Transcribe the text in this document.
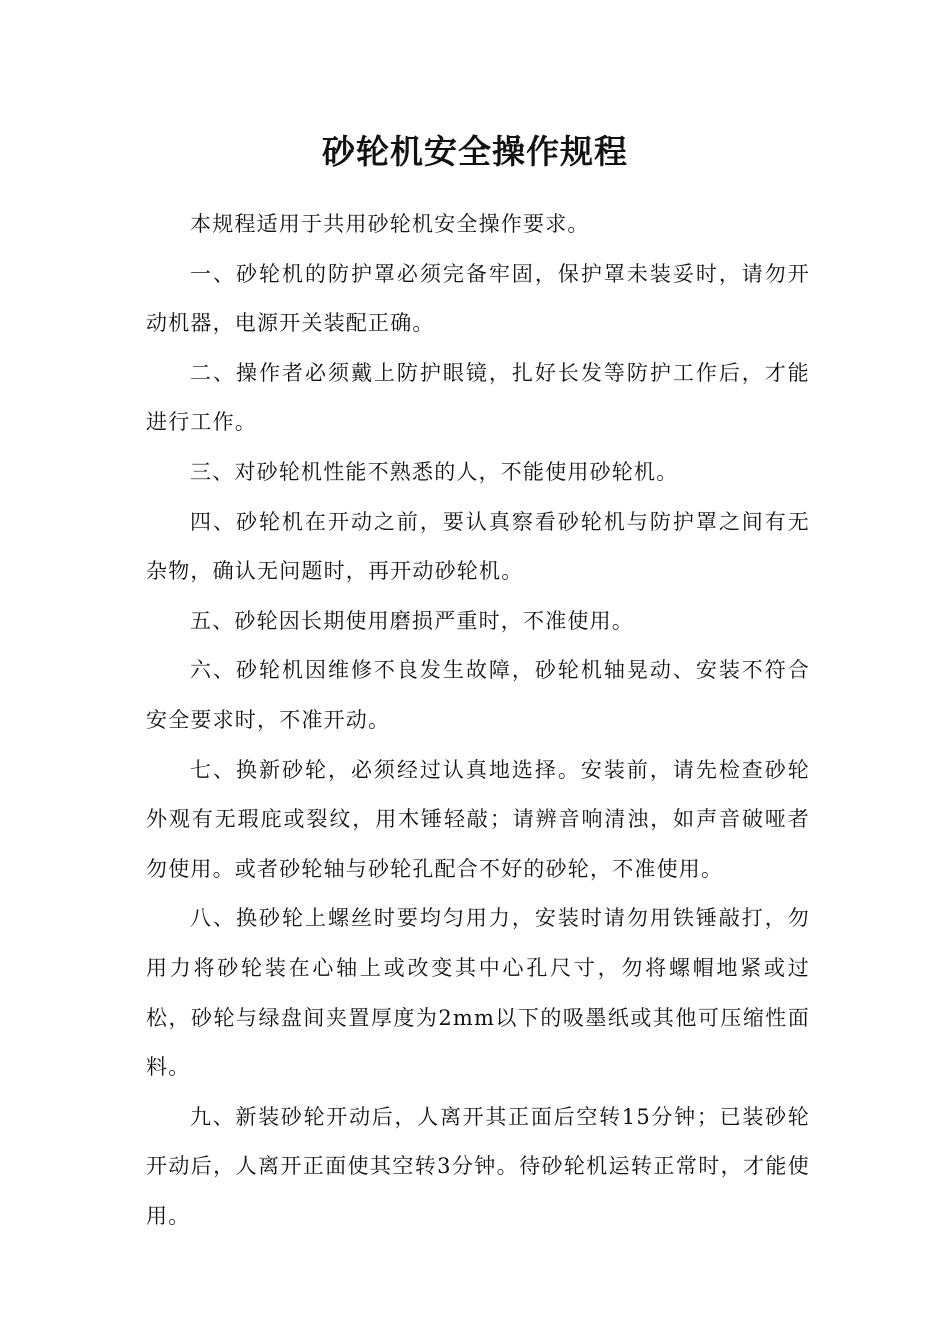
砂轮机安全操作规程

本规程适用于共用砂轮机安全操作要求。

一、砂轮机的防护罩必须完备牢固，保护罩未装妥时，请勿开动机器，电源开关装配正确。

二、操作者必须戴上防护眼镜，扎好长发等防护工作后，才能进行工作。

三、对砂轮机性能不熟悉的人，不能使用砂轮机。

四、砂轮机在开动之前，要认真察看砂轮机与防护罩之间有无杂物，确认无问题时，再开动砂轮机。

五、砂轮因长期使用磨损严重时，不准使用。

六、砂轮机因维修不良发生故障，砂轮机轴晃动、安装不符合安全要求时，不准开动。

七、换新砂轮，必须经过认真地选择。安装前，请先检查砂轮外观有无瑕庇或裂纹，用木锤轻敲；请辨音响清浊，如声音破哑者勿使用。或者砂轮轴与砂轮孔配合不好的砂轮，不准使用。

八、换砂轮上螺丝时要均匀用力，安装时请勿用铁锤敲打，勿用力将砂轮装在心轴上或改变其中心孔尺寸，勿将螺帽地紧或过松，砂轮与绿盘间夹置厚度为2mm以下的吸墨纸或其他可压缩性面料。

九、新装砂轮开动后，人离开其正面后空转15分钟；已装砂轮开动后，人离开正面使其空转3分钟。待砂轮机运转正常时，才能使用。
